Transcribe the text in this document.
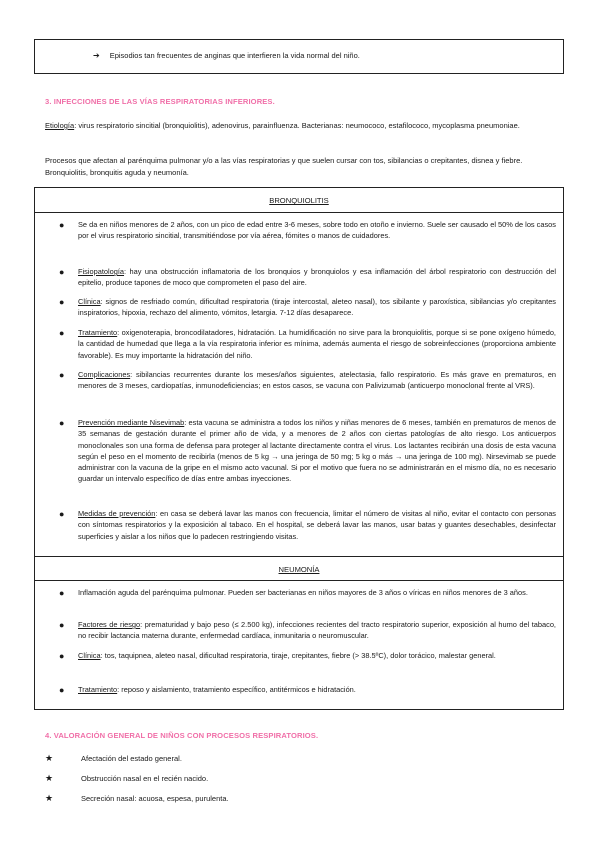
➔ Episodios tan frecuentes de anginas que interfieren la vida normal del niño.
3. INFECCIONES DE LAS VÍAS RESPIRATORIAS INFERIORES.
Etiología: virus respiratorio sincitial (bronquiolitis), adenovirus, parainfluenza. Bacterianas: neumococo, estafilococo, mycoplasma pneumoniae.
Procesos que afectan al parénquima pulmonar y/o a las vías respiratorias y que suelen cursar con tos, sibilancias o crepitantes, disnea y fiebre. Bronquiolitis, bronquitis aguda y neumonía.
BRONQUIOLITIS
● Se da en niños menores de 2 años, con un pico de edad entre 3-6 meses, sobre todo en otoño e invierno. Suele ser causado el 50% de los casos por el virus respiratorio sincitial, transmitiéndose por vía aérea, fómites o manos de cuidadores.
● Fisiopatología: hay una obstrucción inflamatoria de los bronquios y bronquiolos y esa inflamación del árbol respiratorio con destrucción del epitelio, produce tapones de moco que comprometen el paso del aire.
● Clínica: signos de resfriado común, dificultad respiratoria (tiraje intercostal, aleteo nasal), tos sibilante y paroxística, sibilancias y/o crepitantes inspiratorios, hipoxia, rechazo del alimento, vómitos, letargia. 7-12 días desaparece.
● Tratamiento: oxigenoterapia, broncodilatadores, hidratación. La humidificación no sirve para la bronquiolitis, porque si se pone oxígeno húmedo, la cantidad de humedad que llega a la vía respiratoria inferior es mínima, además aumenta el riesgo de sobreinfecciones (proporciona ambiente favorable). Es muy importante la hidratación del niño.
● Complicaciones: sibilancias recurrentes durante los meses/años siguientes, atelectasia, fallo respiratorio. Es más grave en prematuros, en menores de 3 meses, cardiopatías, inmunodeficiencias; en estos casos, se vacuna con Palivizumab (anticuerpo monoclonal frente al VRS).
● Prevención mediante Nisevimab: esta vacuna se administra a todos los niños y niñas menores de 6 meses, también en prematuros de menos de 35 semanas de gestación durante el primer año de vida, y a menores de 2 años con ciertas patologías de alto riesgo. Los anticuerpos monoclonales son una forma de defensa para proteger al lactante directamente contra el virus. Los lactantes recibirán una dosis de esta vacuna según el peso en el momento de recibirla (menos de 5 kg → una jeringa de 50 mg; 5 kg o más → una jeringa de 100 mg). Nirsevimab se puede administrar con la vacuna de la gripe en el mismo acto vacunal. Si por el motivo que fuera no se administrarán en el mismo día, no es necesario guardar un intervalo específico de días entre ambas inyecciones.
● Medidas de prevención: en casa se deberá lavar las manos con frecuencia, limitar el número de visitas al niño, evitar el contacto con personas con síntomas respiratorios y la exposición al tabaco. En el hospital, se deberá lavar las manos, usar batas y guantes desechables, desinfectar superficies y aislar a los niños que lo padecen restringiendo visitas.
NEUMONÍA
● Inflamación aguda del parénquima pulmonar. Pueden ser bacterianas en niños mayores de 3 años o víricas en niños menores de 3 años.
● Factores de riesgo: prematuridad y bajo peso (≤ 2.500 kg), infecciones recientes del tracto respiratorio superior, exposición al humo del tabaco, no recibir lactancia materna durante, enfermedad cardíaca, inmunitaria o neuromuscular.
● Clínica: tos, taquipnea, aleteo nasal, dificultad respiratoria, tiraje, crepitantes, fiebre (> 38.5ºC), dolor torácico, malestar general.
● Tratamiento: reposo y aislamiento, tratamiento específico, antitérmicos e hidratación.
4. VALORACIÓN GENERAL DE NIÑOS CON PROCESOS RESPIRATORIOS.
★	Afectación del estado general.
★	Obstrucción nasal en el recién nacido.
★	Secreción nasal: acuosa, espesa, purulenta.
